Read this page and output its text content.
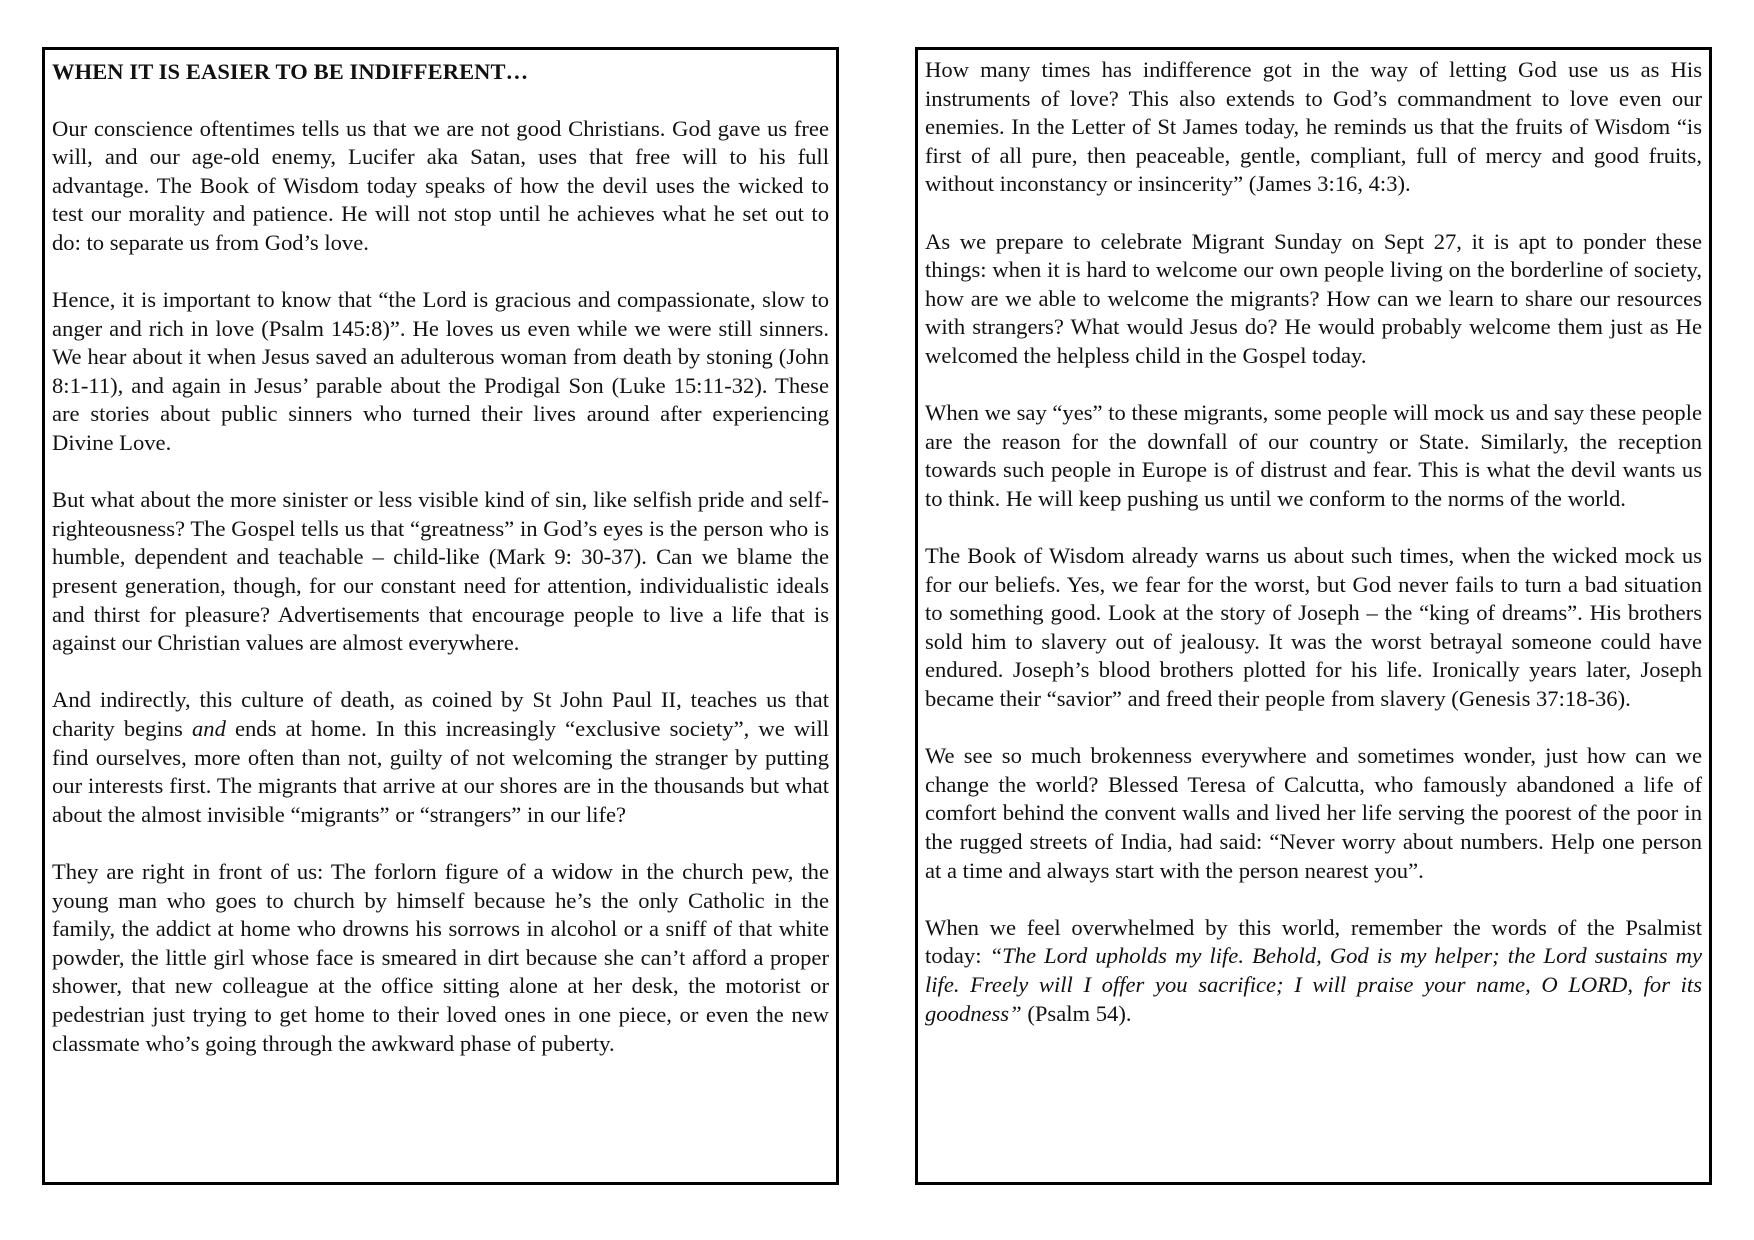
WHEN IT IS EASIER TO BE INDIFFERENT…

Our conscience oftentimes tells us that we are not good Christians. God gave us free will, and our age-old enemy, Lucifer aka Satan, uses that free will to his full advantage. The Book of Wisdom today speaks of how the devil uses the wicked to test our morality and patience. He will not stop until he achieves what he set out to do: to separate us from God’s love.

Hence, it is important to know that “the Lord is gracious and compassionate, slow to anger and rich in love (Psalm 145:8)”. He loves us even while we were still sinners. We hear about it when Jesus saved an adulterous woman from death by stoning (John 8:1-11), and again in Jesus’ parable about the Prodigal Son (Luke 15:11-32). These are stories about public sinners who turned their lives around after experiencing Divine Love.

But what about the more sinister or less visible kind of sin, like selfish pride and self-righteousness? The Gospel tells us that “greatness” in God’s eyes is the person who is humble, dependent and teachable – child-like (Mark 9: 30-37). Can we blame the present generation, though, for our constant need for attention, individualistic ideals and thirst for pleasure? Advertisements that encourage people to live a life that is against our Christian values are almost everywhere.

And indirectly, this culture of death, as coined by St John Paul II, teaches us that charity begins and ends at home. In this increasingly “exclusive society”, we will find ourselves, more often than not, guilty of not welcoming the stranger by putting our interests first. The migrants that arrive at our shores are in the thousands but what about the almost invisible “migrants” or “strangers” in our life?

They are right in front of us: The forlorn figure of a widow in the church pew, the young man who goes to church by himself because he’s the only Catholic in the family, the addict at home who drowns his sorrows in alcohol or a sniff of that white powder, the little girl whose face is smeared in dirt because she can’t afford a proper shower, that new colleague at the office sitting alone at her desk, the motorist or pedestrian just trying to get home to their loved ones in one piece, or even the new classmate who’s going through the awkward phase of puberty.

How many times has indifference got in the way of letting God use us as His instruments of love? This also extends to God’s commandment to love even our enemies. In the Letter of St James today, he reminds us that the fruits of Wisdom “is first of all pure, then peaceable, gentle, compliant, full of mercy and good fruits, without inconstancy or insincerity” (James 3:16, 4:3).

As we prepare to celebrate Migrant Sunday on Sept 27, it is apt to ponder these things: when it is hard to welcome our own people living on the borderline of society, how are we able to welcome the migrants? How can we learn to share our resources with strangers? What would Jesus do? He would probably welcome them just as He welcomed the helpless child in the Gospel today.

When we say “yes” to these migrants, some people will mock us and say these people are the reason for the downfall of our country or State. Similarly, the reception towards such people in Europe is of distrust and fear. This is what the devil wants us to think. He will keep pushing us until we conform to the norms of the world.

The Book of Wisdom already warns us about such times, when the wicked mock us for our beliefs. Yes, we fear for the worst, but God never fails to turn a bad situation to something good. Look at the story of Joseph – the “king of dreams”. His brothers sold him to slavery out of jealousy. It was the worst betrayal someone could have endured. Joseph’s blood brothers plotted for his life. Ironically years later, Joseph became their “savior” and freed their people from slavery (Genesis 37:18-36).

We see so much brokenness everywhere and sometimes wonder, just how can we change the world? Blessed Teresa of Calcutta, who famously abandoned a life of comfort behind the convent walls and lived her life serving the poorest of the poor in the rugged streets of India, had said: “Never worry about numbers. Help one person at a time and always start with the person nearest you”.

When we feel overwhelmed by this world, remember the words of the Psalmist today: “The Lord upholds my life. Behold, God is my helper; the Lord sustains my life. Freely will I offer you sacrifice; I will praise your name, O LORD, for its goodness” (Psalm 54).
